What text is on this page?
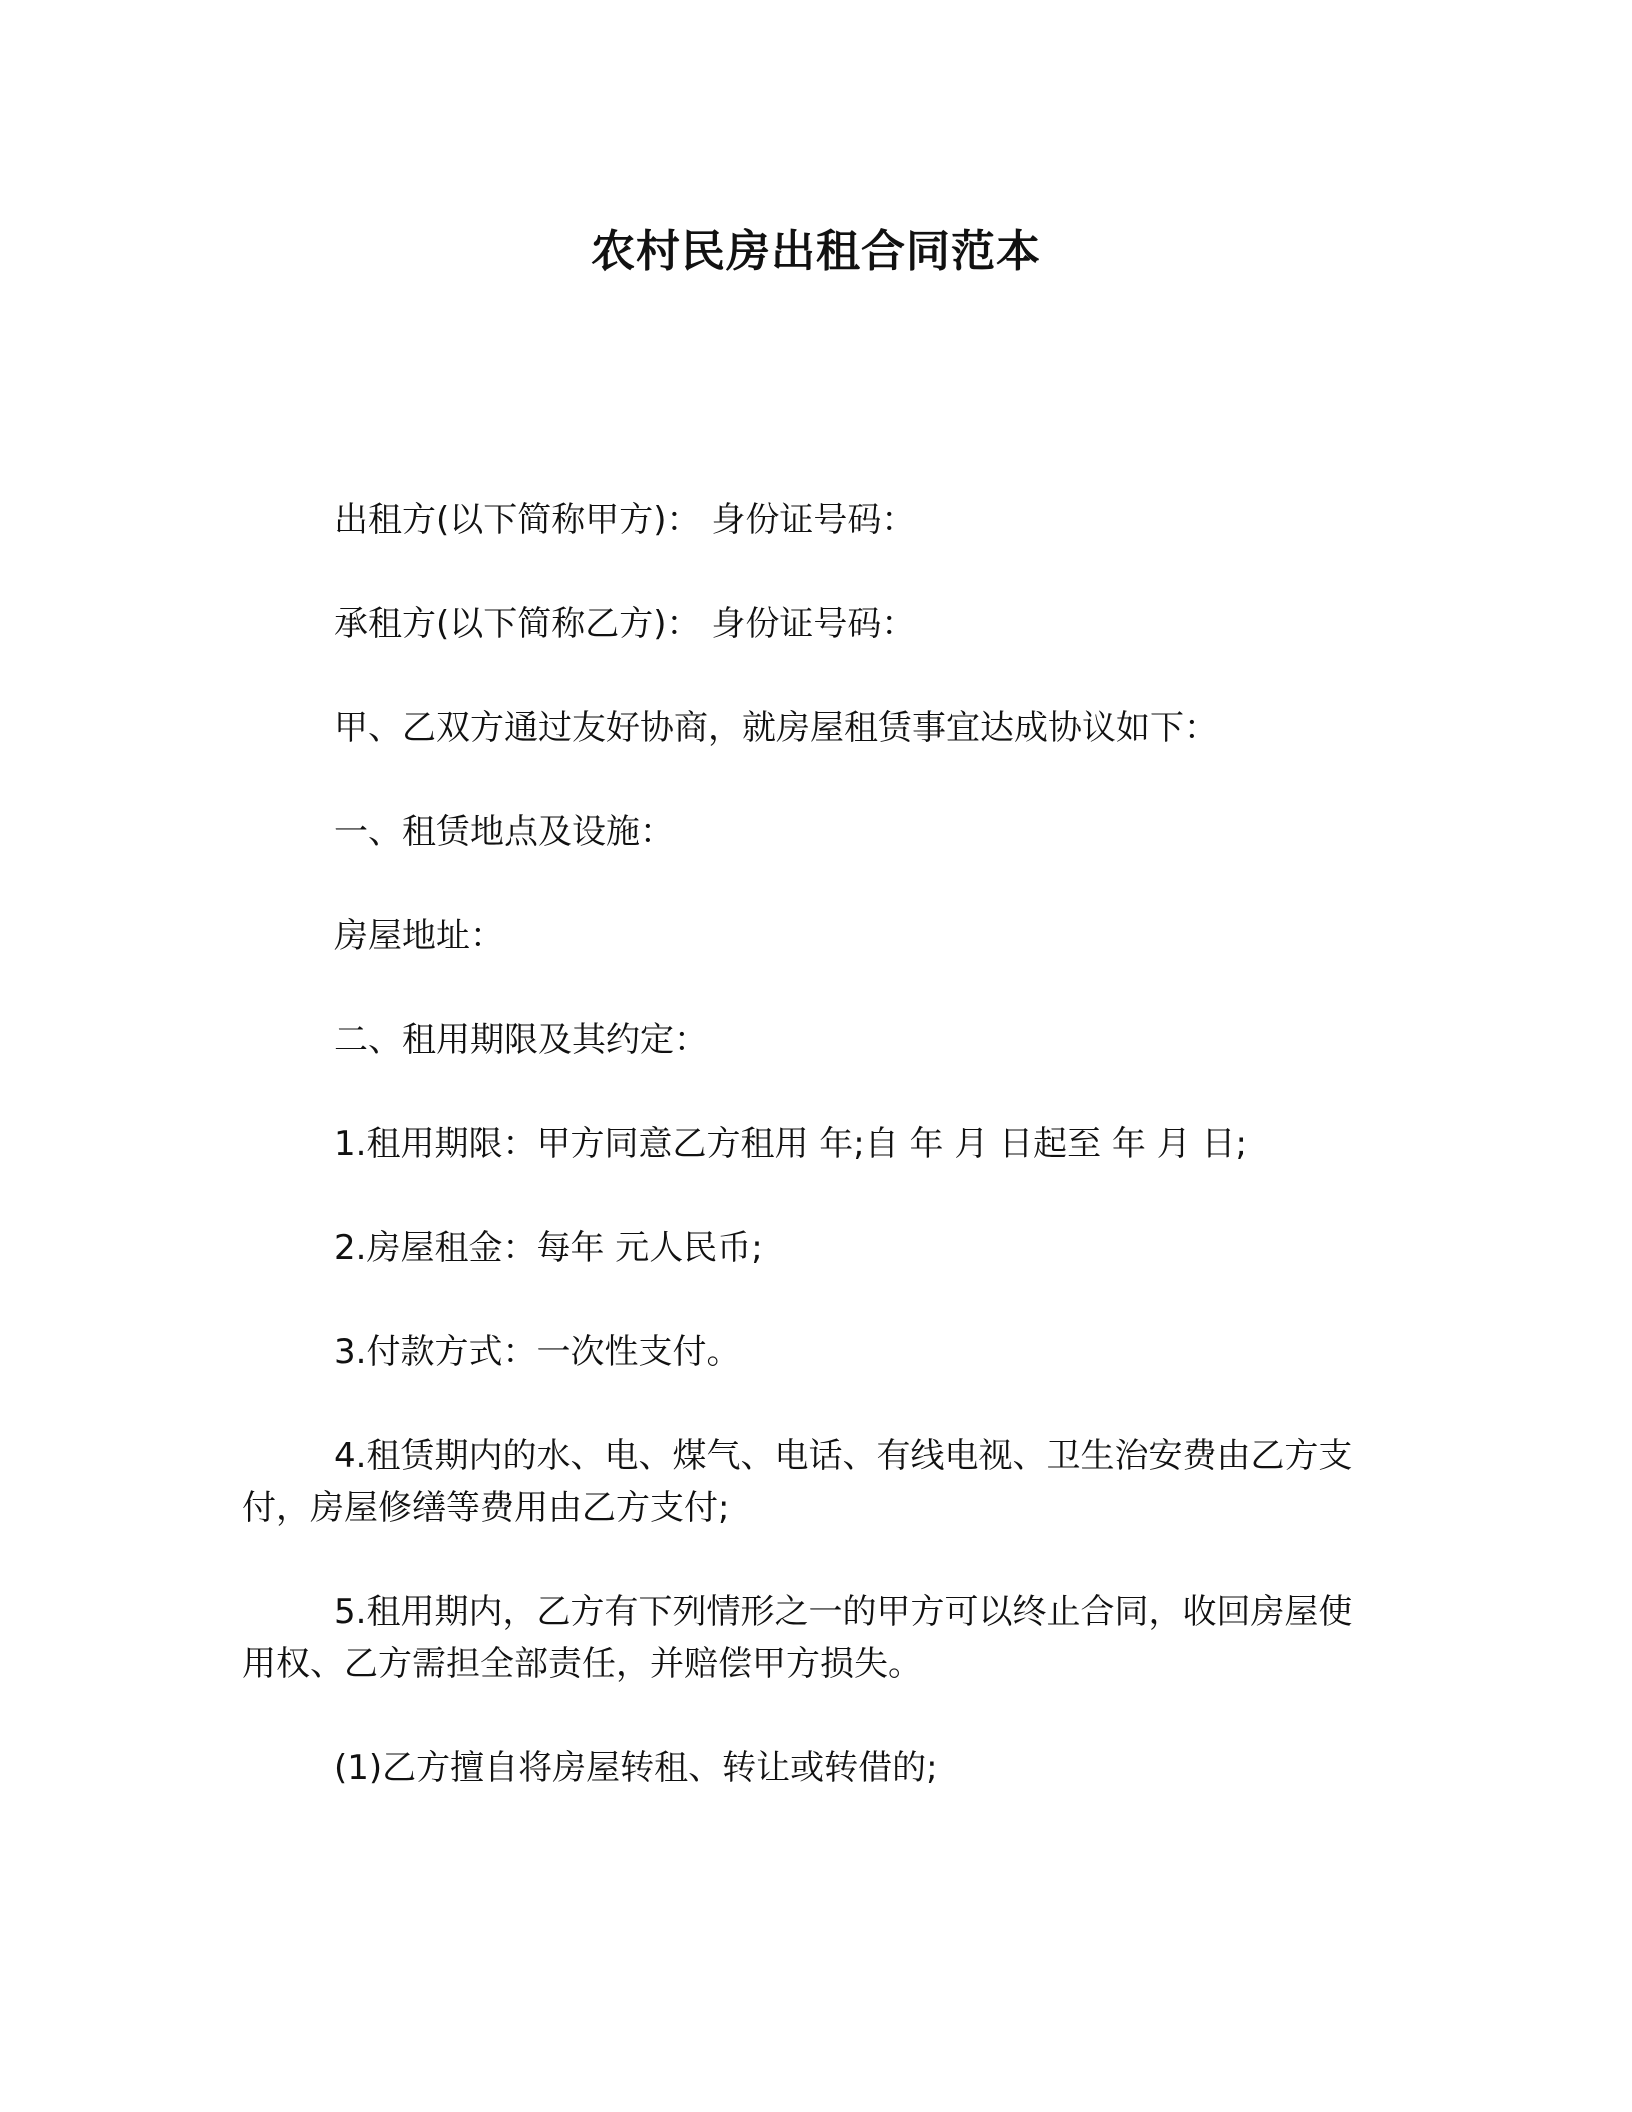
农村民房出租合同范本

出租方(以下简称甲方)： 身份证号码：

承租方(以下简称乙方)： 身份证号码：

甲、乙双方通过友好协商，就房屋租赁事宜达成协议如下：

一、租赁地点及设施：

房屋地址：

二、租用期限及其约定：

1.租用期限：甲方同意乙方租用 年;自 年 月 日起至 年 月 日;

2.房屋租金：每年 元人民币;

3.付款方式：一次性支付。

4.租赁期内的水、电、煤气、电话、有线电视、卫生治安费由乙方支付，房屋修缮等费用由乙方支付;

5.租用期内，乙方有下列情形之一的甲方可以终止合同，收回房屋使用权、乙方需担全部责任，并赔偿甲方损失。

(1)乙方擅自将房屋转租、转让或转借的;
